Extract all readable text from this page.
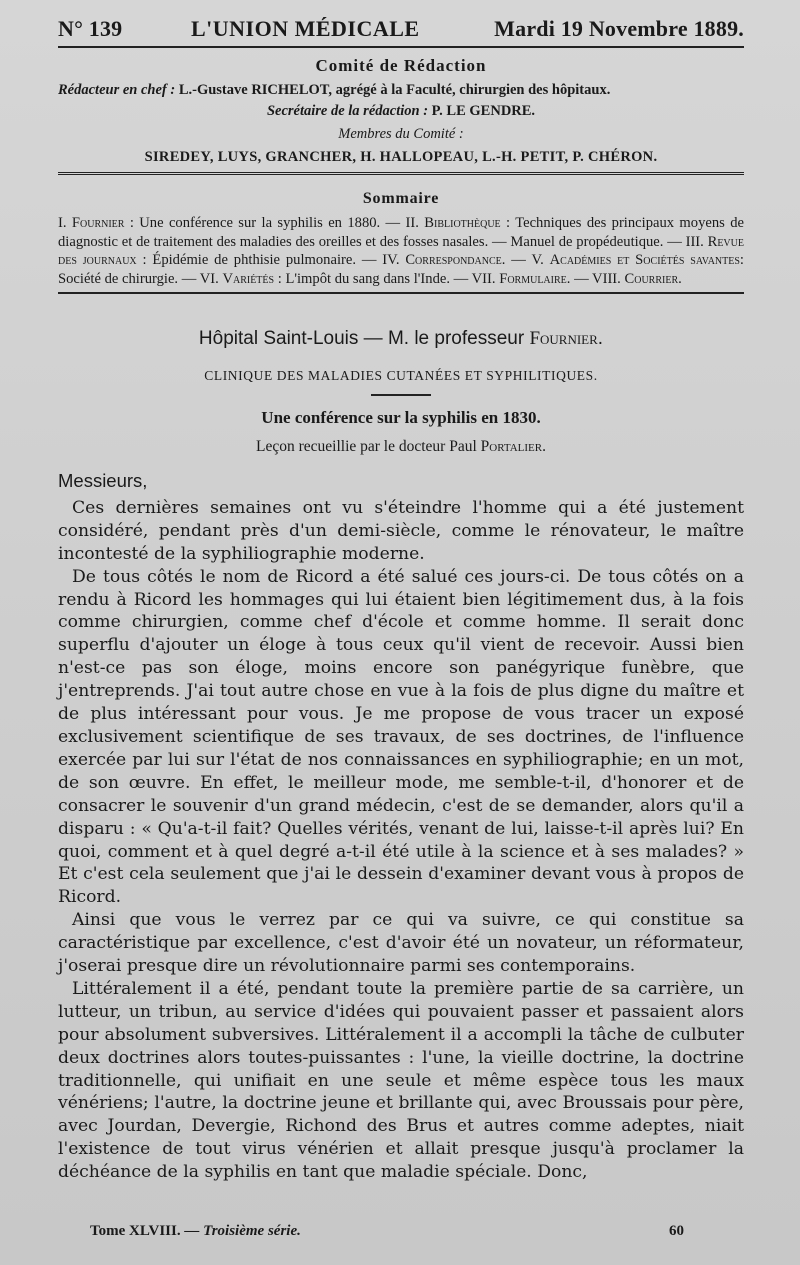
N° 139	L'UNION MÉDICALE	Mardi 19 Novembre 1889.
Comité de Rédaction
Rédacteur en chef : L.-Gustave RICHELOT, agrégé à la Faculté, chirurgien des hôpitaux.
Secrétaire de la rédaction : P. LE GENDRE.
Membres du Comité :
SIREDEY, LUYS, GRANCHER, H. HALLOPEAU, L.-H. PETIT, P. CHÉRON.
Sommaire
I. Fournier : Une conférence sur la syphilis en 1880. — II. Bibliothèque : Techniques des principaux moyens de diagnostic et de traitement des maladies des oreilles et des fosses nasales. — Manuel de propédeutique. — III. Revue des journaux : Épidémie de phthisie pulmonaire. — IV. Correspondance. — V. Académies et Sociétés savantes: Société de chirurgie. — VI. Variétés : L'impôt du sang dans l'Inde. — VII. Formulaire. — VIII. Courrier.
Hôpital Saint-Louis — M. le professeur Fournier.
CLINIQUE DES MALADIES CUTANÉES ET SYPHILITIQUES.
Une conférence sur la syphilis en 1830.
Leçon recueillie par le docteur Paul Portalier.

Messieurs,

Ces dernières semaines ont vu s'éteindre l'homme qui a été justement considéré, pendant près d'un demi-siècle, comme le rénovateur, le maître incontesté de la syphiliographie moderne.

De tous côtés le nom de Ricord a été salué ces jours-ci. De tous côtés on a rendu à Ricord les hommages qui lui étaient bien légitimement dus, à la fois comme chirurgien, comme chef d'école et comme homme. Il serait donc superflu d'ajouter un éloge à tous ceux qu'il vient de recevoir. Aussi bien n'est-ce pas son éloge, moins encore son panégyrique funèbre, que j'entreprends. J'ai tout autre chose en vue à la fois de plus digne du maître et de plus intéressant pour vous. Je me propose de vous tracer un exposé exclusivement scientifique de ses travaux, de ses doctrines, de l'influence exercée par lui sur l'état de nos connaissances en syphiliographie; en un mot, de son œuvre. En effet, le meilleur mode, me semble-t-il, d'honorer et de consacrer le souvenir d'un grand médecin, c'est de se demander, alors qu'il a disparu : « Qu'a-t-il fait? Quelles vérités, venant de lui, laisse-t-il après lui? En quoi, comment et à quel degré a-t-il été utile à la science et à ses malades? » Et c'est cela seulement que j'ai le dessein d'examiner devant vous à propos de Ricord.

Ainsi que vous le verrez par ce qui va suivre, ce qui constitue sa caractéristique par excellence, c'est d'avoir été un novateur, un réformateur, j'oserai presque dire un révolutionnaire parmi ses contemporains.

Littéralement il a été, pendant toute la première partie de sa carrière, un lutteur, un tribun, au service d'idées qui pouvaient passer et passaient alors pour absolument subversives. Littéralement il a accompli la tâche de culbuter deux doctrines alors toutes-puissantes : l'une, la vieille doctrine, la doctrine traditionnelle, qui unifiait en une seule et même espèce tous les maux vénériens; l'autre, la doctrine jeune et brillante qui, avec Broussais pour père, avec Jourdan, Devergie, Richond des Brus et autres comme adeptes, niait l'existence de tout virus vénérien et allait presque jusqu'à proclamer la déchéance de la syphilis en tant que maladie spéciale. Donc,

Tome XLVIII. — Troisième série.	60
